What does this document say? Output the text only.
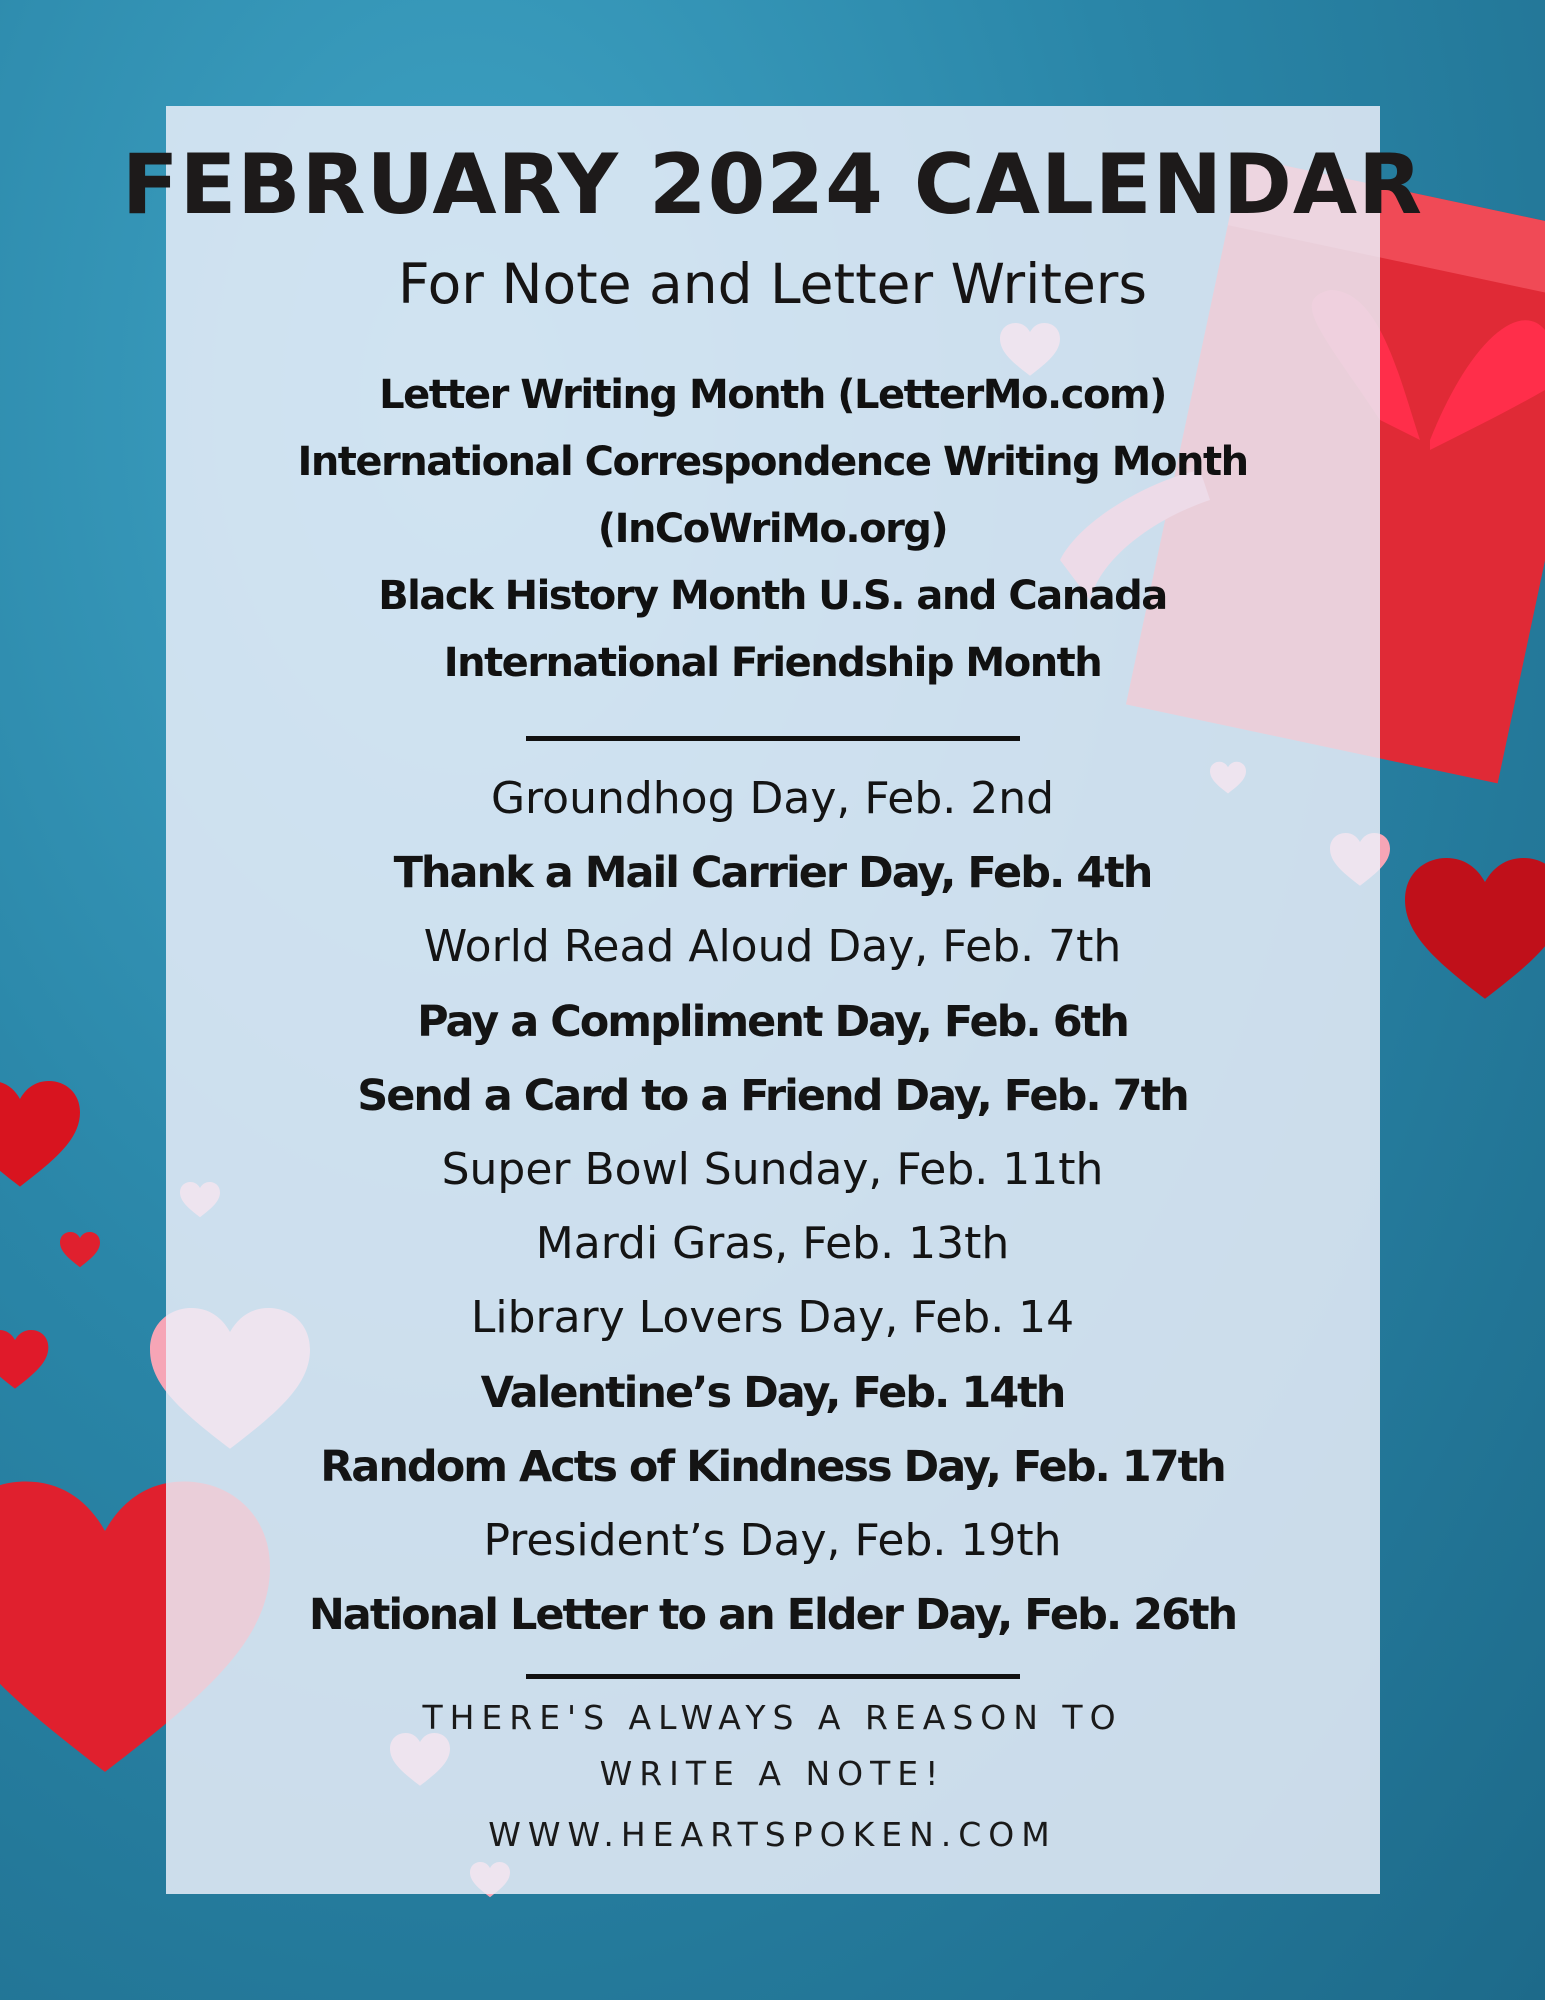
FEBRUARY 2024 CALENDAR
For Note and Letter Writers
Letter Writing Month (LetterMo.com)
International Correspondence Writing Month
(InCoWriMo.org)
Black History Month U.S. and Canada
International Friendship Month
Groundhog Day, Feb. 2nd
Thank a Mail Carrier Day, Feb. 4th
World Read Aloud Day, Feb. 7th
Pay a Compliment Day, Feb. 6th
Send a Card to a Friend Day, Feb. 7th
Super Bowl Sunday, Feb. 11th
Mardi Gras, Feb. 13th
Library Lovers Day, Feb. 14
Valentine’s Day, Feb. 14th
Random Acts of Kindness Day, Feb. 17th
President’s Day, Feb. 19th
National Letter to an Elder Day, Feb. 26th
THERE'S ALWAYS A REASON TO
WRITE A NOTE!
WWW.HEARTSPOKEN.COM
